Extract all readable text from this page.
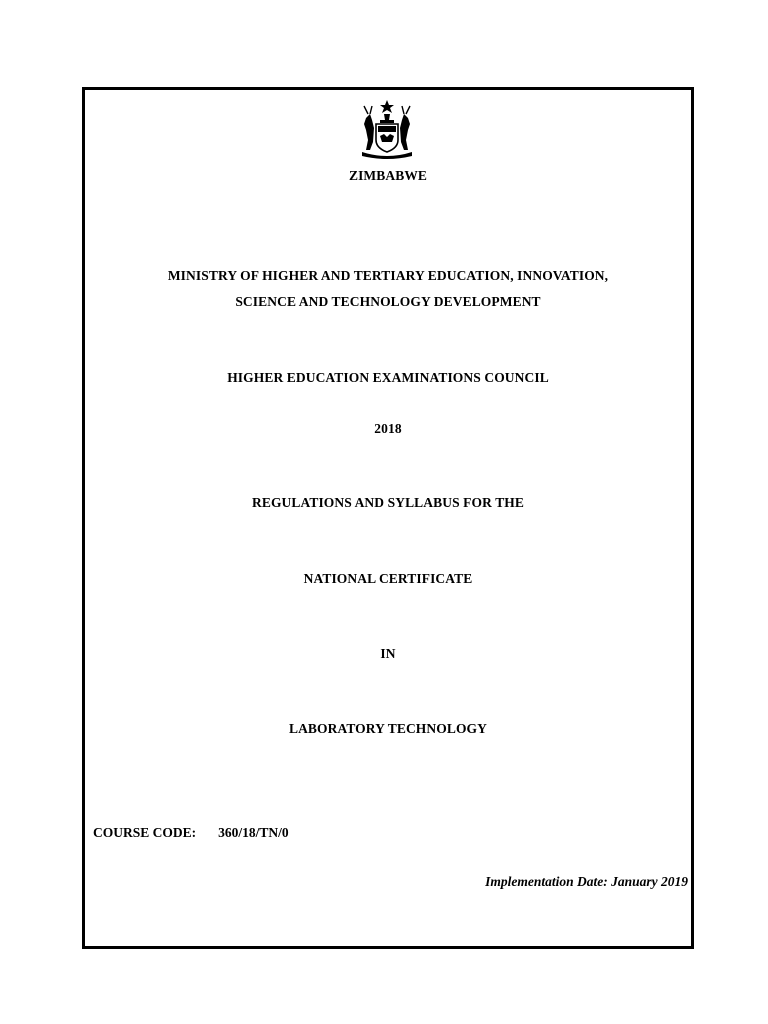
ZIMBABWE
MINISTRY OF HIGHER AND TERTIARY EDUCATION, INNOVATION,
SCIENCE AND TECHNOLOGY DEVELOPMENT
HIGHER EDUCATION EXAMINATIONS COUNCIL
2018
REGULATIONS AND SYLLABUS FOR THE
NATIONAL CERTIFICATE
IN
LABORATORY TECHNOLOGY
COURSE CODE: 360/18/TN/0
Implementation Date: January 2019
